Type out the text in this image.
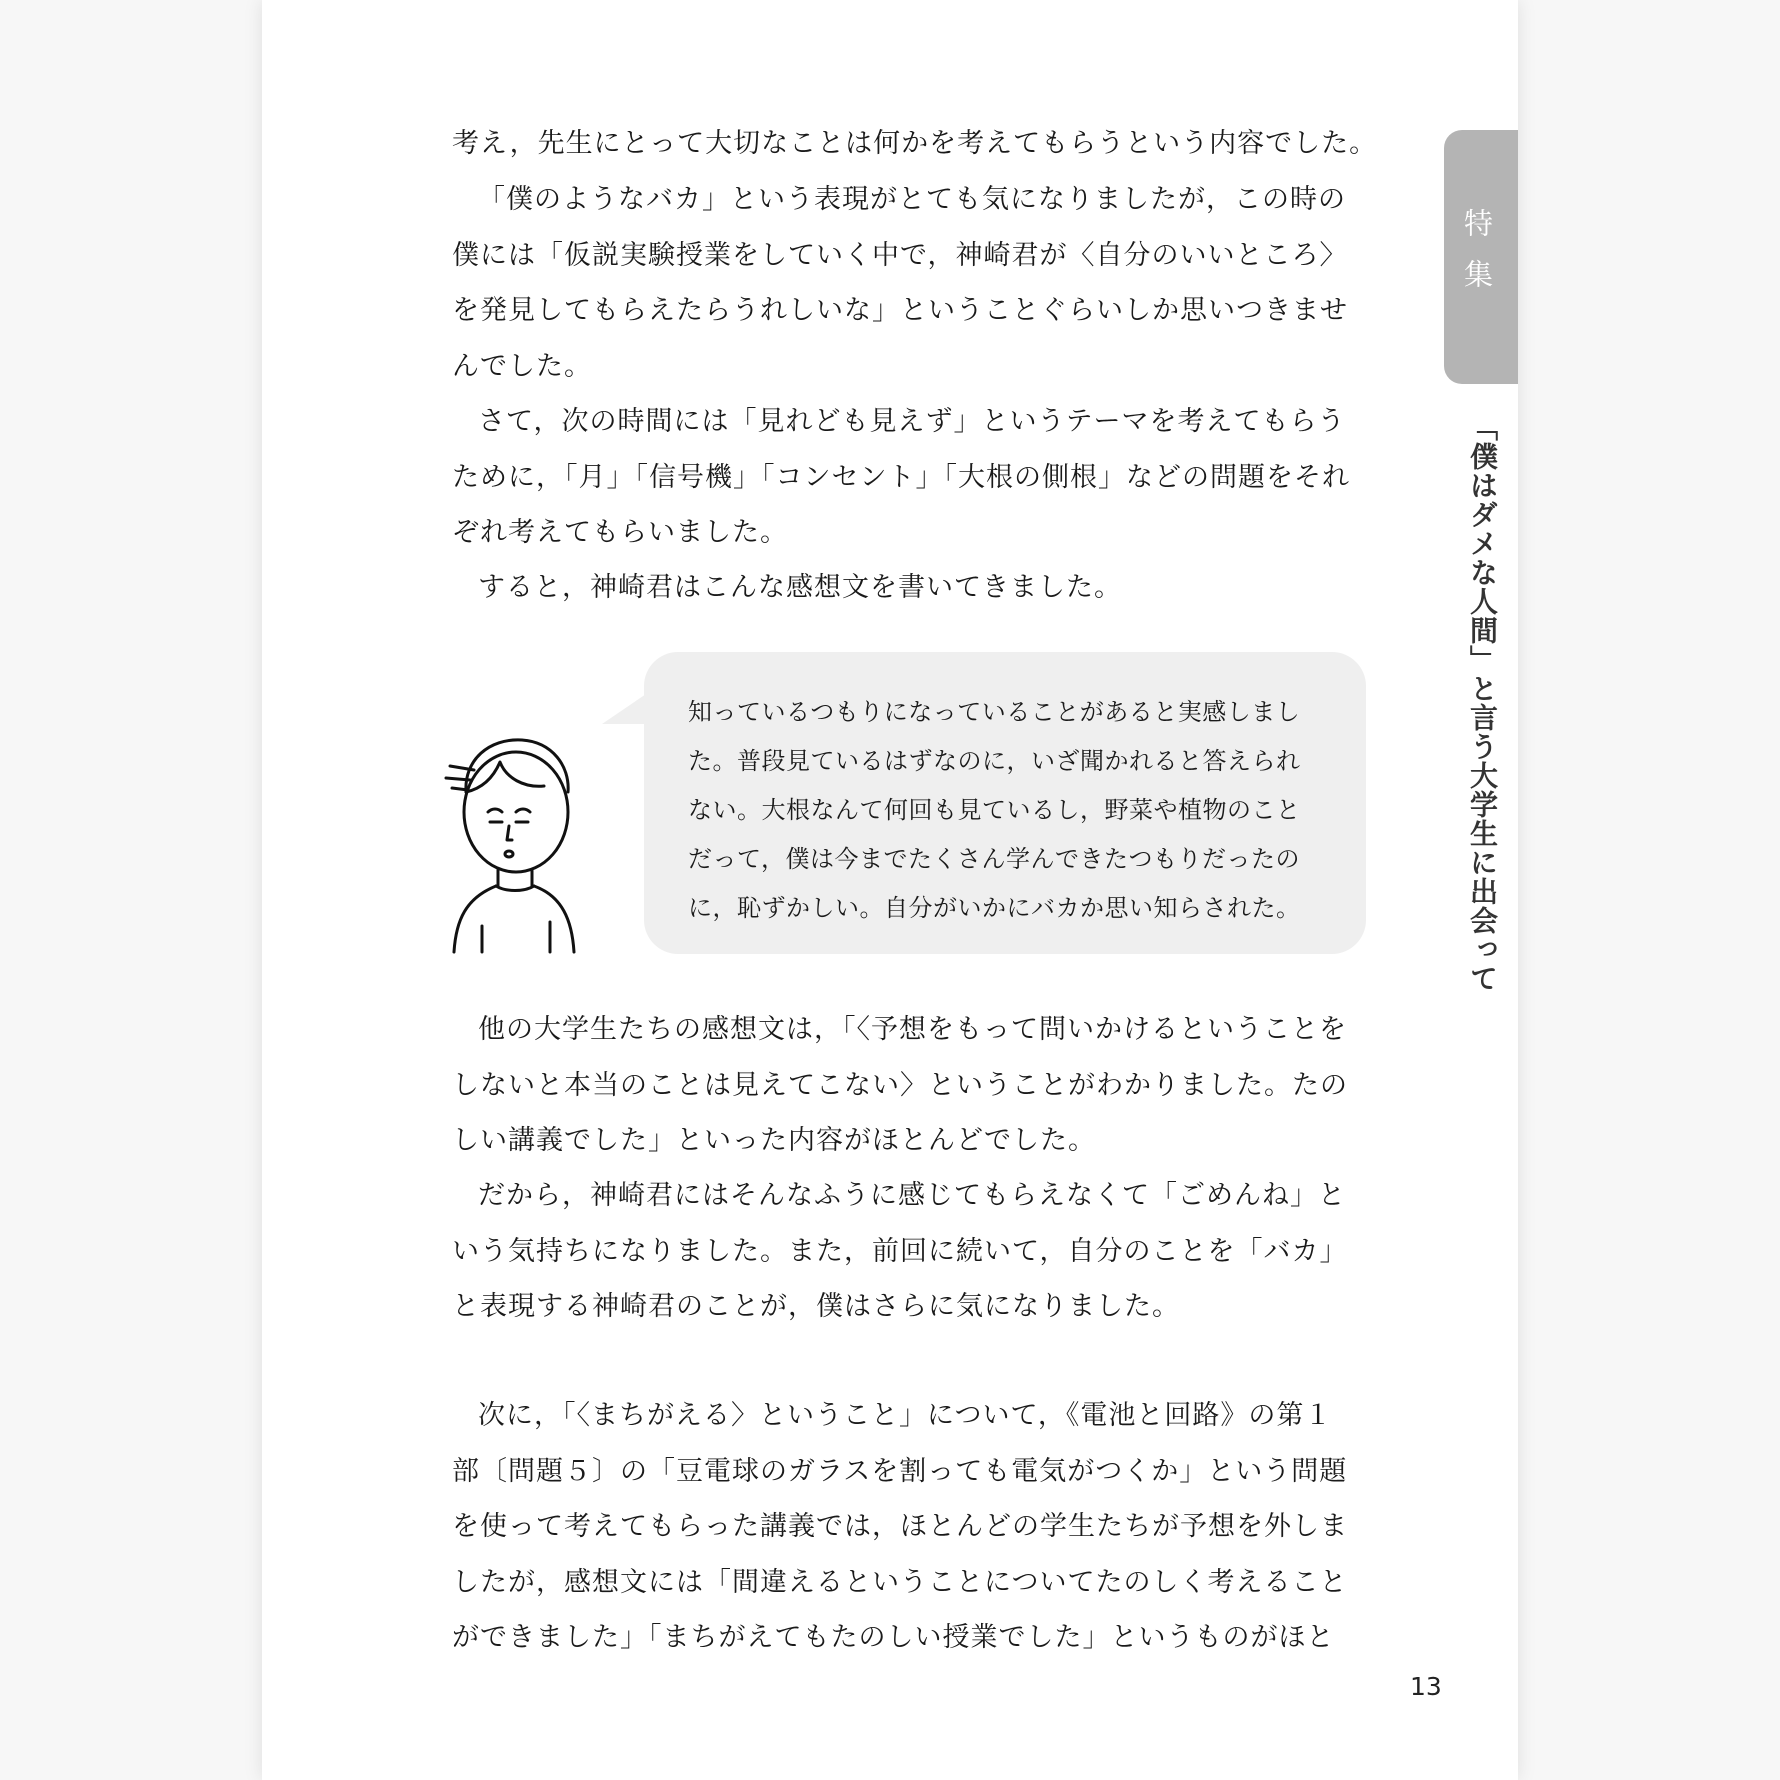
特集
「僕はダメな人間」と言う大学生に出会って

考え，先生にとって大切なことは何かを考えてもらうという内容でした。

「僕のようなバカ」という表現がとても気になりましたが，この時の
僕には「仮説実験授業をしていく中で，神崎君が〈自分のいいところ〉
を発見してもらえたらうれしいな」ということぐらいしか思いつきませ
んでした。

さて，次の時間には「見れども見えず」というテーマを考えてもらう
ために，「月」「信号機」「コンセント」「大根の側根」などの問題をそれ
ぞれ考えてもらいました。

すると，神崎君はこんな感想文を書いてきました。

知っているつもりになっていることがあると実感しまし
た。普段見ているはずなのに，いざ聞かれると答えられ
ない。大根なんて何回も見ているし，野菜や植物のこと
だって，僕は今までたくさん学んできたつもりだったの
に，恥ずかしい。自分がいかにバカか思い知らされた。

他の大学生たちの感想文は，「〈予想をもって問いかけるということを
しないと本当のことは見えてこない〉ということがわかりました。たの
しい講義でした」といった内容がほとんどでした。

だから，神崎君にはそんなふうに感じてもらえなくて「ごめんね」と
いう気持ちになりました。また，前回に続いて，自分のことを「バカ」
と表現する神崎君のことが，僕はさらに気になりました。

次に，「〈まちがえる〉ということ」について，《電池と回路》の第１
部〔問題５〕の「豆電球のガラスを割っても電気がつくか」という問題
を使って考えてもらった講義では，ほとんどの学生たちが予想を外しま
したが，感想文には「間違えるということについてたのしく考えること
ができました」「まちがえてもたのしい授業でした」というものがほと

13
